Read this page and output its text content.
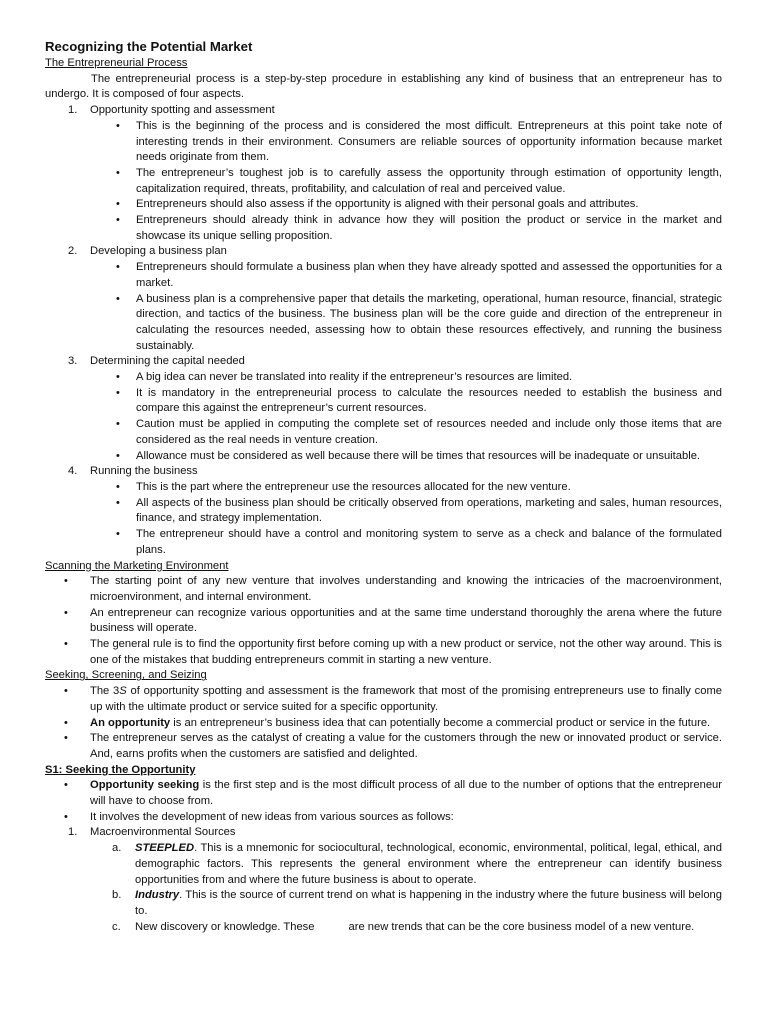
Recognizing the Potential Market

The Entrepreneurial Process

The entrepreneurial process is a step-by-step procedure in establishing any kind of business that an entrepreneur has to undergo. It is composed of four aspects.

1. Opportunity spotting and assessment
• This is the beginning of the process and is considered the most difficult. Entrepreneurs at this point take note of interesting trends in their environment. Consumers are reliable sources of opportunity information because market needs originate from them.
• The entrepreneur’s toughest job is to carefully assess the opportunity through estimation of opportunity length, capitalization required, threats, profitability, and calculation of real and perceived value.
• Entrepreneurs should also assess if the opportunity is aligned with their personal goals and attributes.
• Entrepreneurs should already think in advance how they will position the product or service in the market and showcase its unique selling proposition.
2. Developing a business plan
• Entrepreneurs should formulate a business plan when they have already spotted and assessed the opportunities for a market.
• A business plan is a comprehensive paper that details the marketing, operational, human resource, financial, strategic direction, and tactics of the business. The business plan will be the core guide and direction of the entrepreneur in calculating the resources needed, assessing how to obtain these resources effectively, and running the business sustainably.
3. Determining the capital needed
• A big idea can never be translated into reality if the entrepreneur’s resources are limited.
• It is mandatory in the entrepreneurial process to calculate the resources needed to establish the business and compare this against the entrepreneur’s current resources.
• Caution must be applied in computing the complete set of resources needed and include only those items that are considered as the real needs in venture creation.
• Allowance must be considered as well because there will be times that resources will be inadequate or unsuitable.
4. Running the business
• This is the part where the entrepreneur use the resources allocated for the new venture.
• All aspects of the business plan should be critically observed from operations, marketing and sales, human resources, finance, and strategy implementation.
• The entrepreneur should have a control and monitoring system to serve as a check and balance of the formulated plans.

Scanning the Marketing Environment

• The starting point of any new venture that involves understanding and knowing the intricacies of the macroenvironment, microenvironment, and internal environment.
• An entrepreneur can recognize various opportunities and at the same time understand thoroughly the arena where the future business will operate.
• The general rule is to find the opportunity first before coming up with a new product or service, not the other way around. This is one of the mistakes that budding entrepreneurs commit in starting a new venture.

Seeking, Screening, and Seizing

• The 3S of opportunity spotting and assessment is the framework that most of the promising entrepreneurs use to finally come up with the ultimate product or service suited for a specific opportunity.
• An opportunity is an entrepreneur’s business idea that can potentially become a commercial product or service in the future.
• The entrepreneur serves as the catalyst of creating a value for the customers through the new or innovated product or service. And, earns profits when the customers are satisfied and delighted.

S1: Seeking the Opportunity

• Opportunity seeking is the first step and is the most difficult process of all due to the number of options that the entrepreneur will have to choose from.
• It involves the development of new ideas from various sources as follows:
1. Macroenvironmental Sources
a. STEEPLED. This is a mnemonic for sociocultural, technological, economic, environmental, political, legal, ethical, and demographic factors. This represents the general environment where the entrepreneur can identify business opportunities from and where the future business is about to operate.
b. Industry. This is the source of current trend on what is happening in the industry where the future business will belong to.
c. New discovery or knowledge. These	are new trends that can be the core business model of a new venture.
